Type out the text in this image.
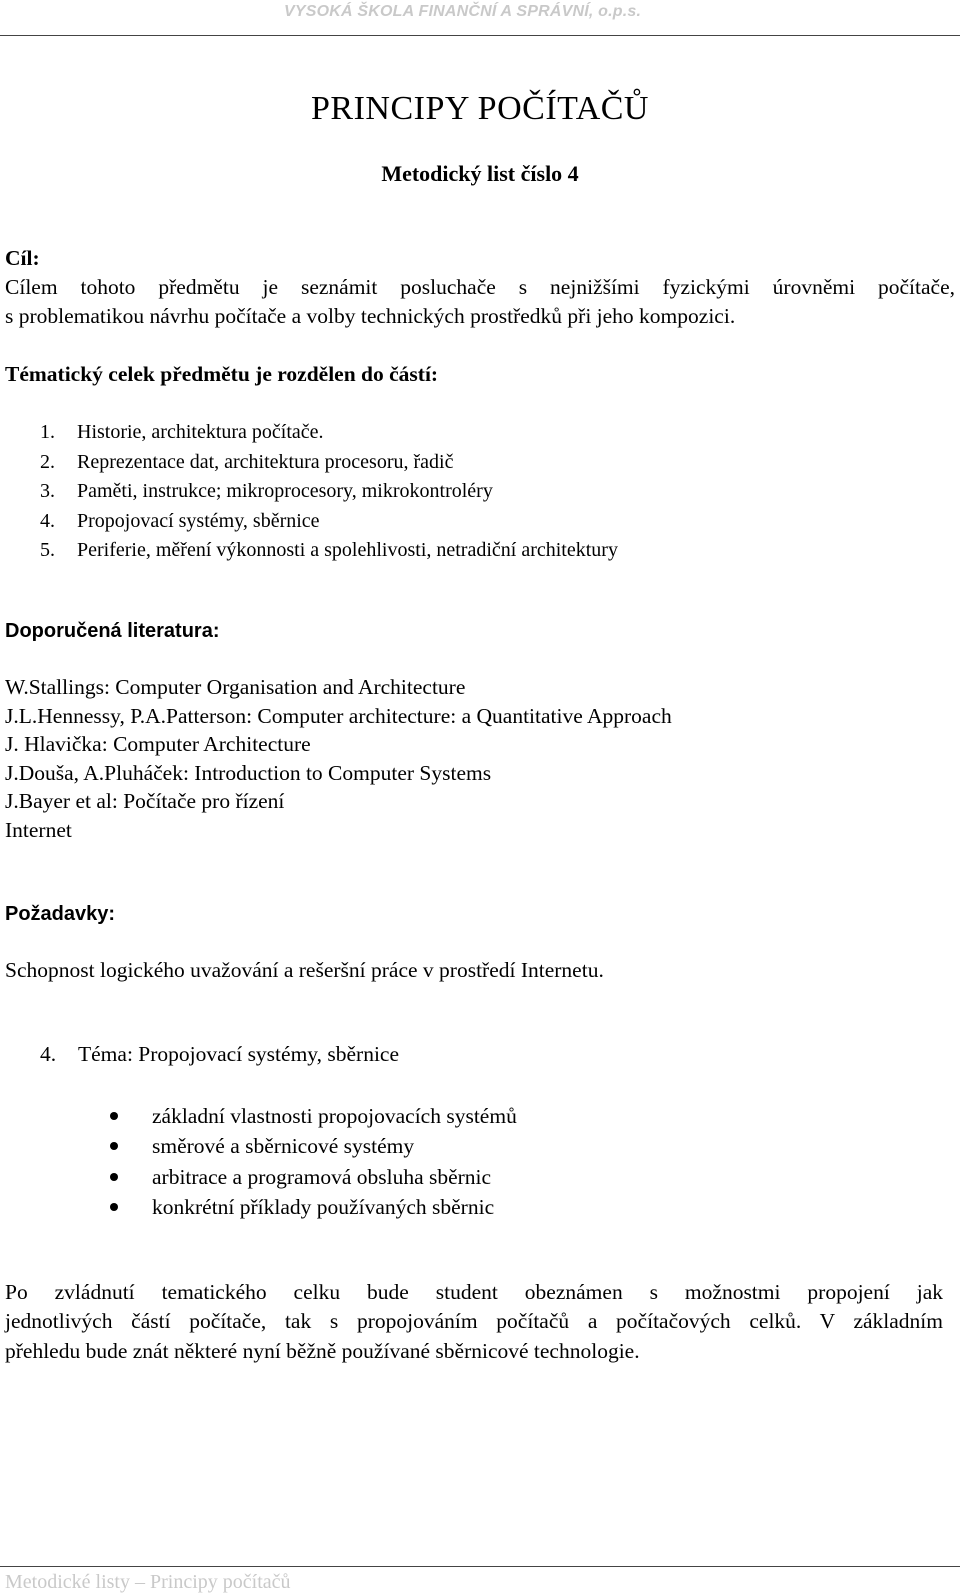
VYSOKÁ ŠKOLA FINANČNÍ A SPRÁVNÍ, o.p.s.
PRINCIPY POČÍTAČŮ
Metodický list číslo 4
Cíl:
Cílem tohoto předmětu je seznámit posluchače s nejnižšími fyzickými úrovněmi počítače,
s problematikou návrhu počítače a volby technických prostředků při jeho kompozici.
Tématický celek předmětu je rozdělen do částí:
1.	Historie, architektura počítače.
2.	Reprezentace dat, architektura procesoru, řadič
3.	Paměti, instrukce; mikroprocesory, mikrokontroléry
4.	Propojovací systémy, sběrnice
5.	Periferie, měření výkonnosti a spolehlivosti, netradiční architektury
Doporučená literatura:
W.Stallings: Computer Organisation and Architecture
J.L.Hennessy, P.A.Patterson: Computer architecture: a Quantitative Approach
J. Hlavička: Computer Architecture
J.Douša, A.Pluháček: Introduction to Computer Systems
J.Bayer et al: Počítače pro řízení
Internet
Požadavky:
Schopnost logického uvažování a rešeršní práce v prostředí Internetu.
4.	Téma: Propojovací systémy, sběrnice
základní vlastnosti propojovacích systémů
směrové a sběrnicové systémy
arbitrace a programová obsluha sběrnic
konkrétní příklady používaných sběrnic
Po zvládnutí tematického celku bude student obeznámen s možnostmi propojení jak
jednotlivých částí počítače, tak s propojováním počítačů a počítačových celků. V základním
přehledu bude znát některé nyní běžně používané sběrnicové technologie.
Metodické listy – Principy počítačů
